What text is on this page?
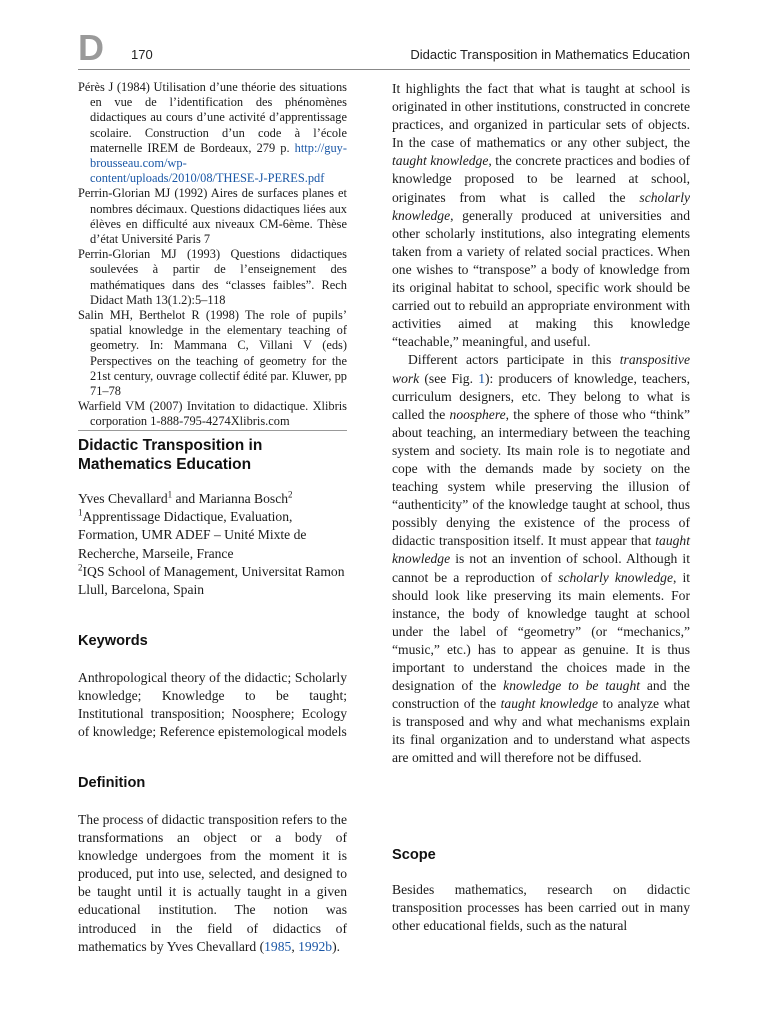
D 170	Didactic Transposition in Mathematics Education

Pérès J (1984) Utilisation d’une théorie des situations en vue de l’identification des phénomènes didactiques au cours d’une activité d’apprentissage scolaire. Construction d’un code à l’école maternelle IREM de Bordeaux, 279 p. http://guy-brousseau.com/wp-content/uploads/2010/08/THESE-J-PERES.pdf

Perrin-Glorian MJ (1992) Aires de surfaces planes et nombres décimaux. Questions didactiques liées aux élèves en difficulté aux niveaux CM-6ème. Thèse d’état Université Paris 7

Perrin-Glorian MJ (1993) Questions didactiques soulevées à partir de l’enseignement des mathématiques dans des “classes faibles”. Rech Didact Math 13(1.2):5–118

Salin MH, Berthelot R (1998) The role of pupils’ spatial knowledge in the elementary teaching of geometry. In: Mammana C, Villani V (eds) Perspectives on the teaching of geometry for the 21st century, ouvrage collectif édité par. Kluwer, pp 71–78

Warfield VM (2007) Invitation to didactique. Xlibris corporation 1-888-795-4274Xlibris.com

Didactic Transposition in Mathematics Education

Yves Chevallard$^1$ and Marianna Bosch$^2$

$^1$Apprentissage Didactique, Evaluation, Formation, UMR ADEF – Unité Mixte de Recherche, Marseile, France

$^2$IQS School of Management, Universitat Ramon Llull, Barcelona, Spain

Keywords

Anthropological theory of the didactic; Scholarly knowledge; Knowledge to be taught; Institutional transposition; Noosphere; Ecology of knowledge; Reference epistemological models

Definition

The process of didactic transposition refers to the transformations an object or a body of knowledge undergoes from the moment it is produced, put into use, selected, and designed to be taught until it is actually taught in a given educational institution. The notion was introduced in the field of didactics of mathematics by Yves Chevallard (1985, 1992b).

It highlights the fact that what is taught at school is originated in other institutions, constructed in concrete practices, and organized in particular sets of objects. In the case of mathematics or any other subject, the taught knowledge, the concrete practices and bodies of knowledge proposed to be learned at school, originates from what is called the scholarly knowledge, generally produced at universities and other scholarly institutions, also integrating elements taken from a variety of related social practices. When one wishes to “transpose” a body of knowledge from its original habitat to school, specific work should be carried out to rebuild an appropriate environment with activities aimed at making this knowledge “teachable,” meaningful, and useful.

Different actors participate in this transpositive work (see Fig. 1): producers of knowledge, teachers, curriculum designers, etc. They belong to what is called the noosphere, the sphere of those who “think” about teaching, an intermediary between the teaching system and society. Its main role is to negotiate and cope with the demands made by society on the teaching system while preserving the illusion of “authenticity” of the knowledge taught at school, thus possibly denying the existence of the process of didactic transposition itself. It must appear that taught knowledge is not an invention of school. Although it cannot be a reproduction of scholarly knowledge, it should look like preserving its main elements. For instance, the body of knowledge taught at school under the label of “geometry” (or “mechanics,” “music,” etc.) has to appear as genuine. It is thus important to understand the choices made in the designation of the knowledge to be taught and the construction of the taught knowledge to analyze what is transposed and why and what mechanisms explain its final organization and to understand what aspects are omitted and will therefore not be diffused.

Scope

Besides mathematics, research on didactic transposition processes has been carried out in many other educational fields, such as the natural
